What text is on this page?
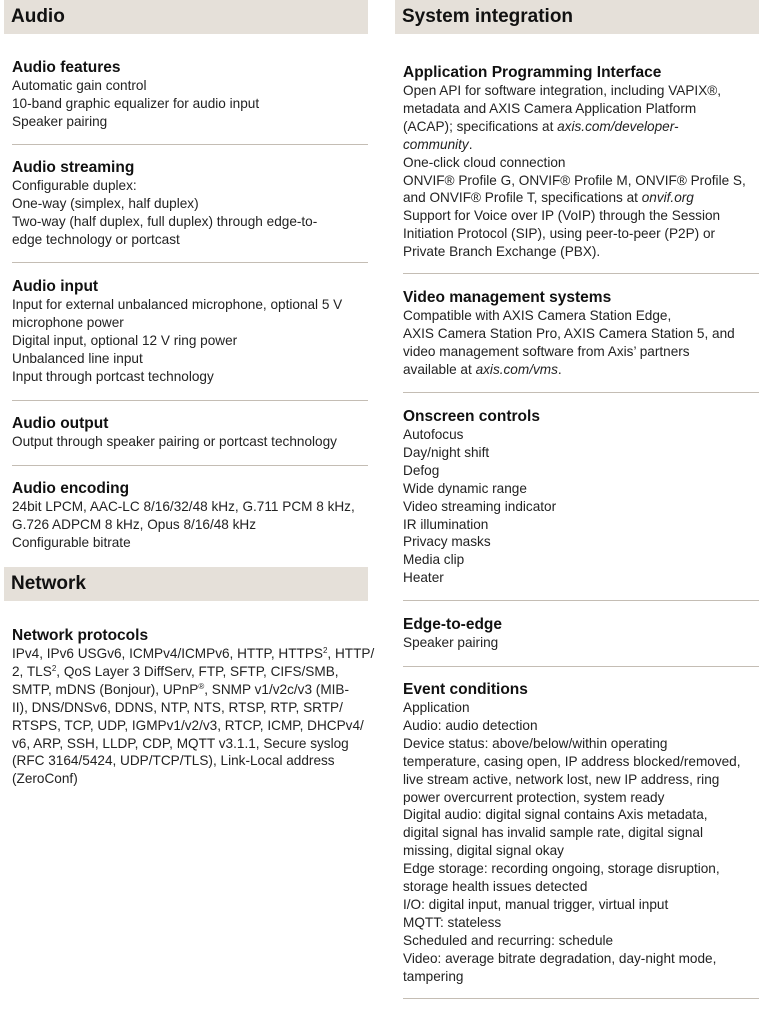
Audio
Audio features
Automatic gain control
10-band graphic equalizer for audio input
Speaker pairing
Audio streaming
Configurable duplex:
One-way (simplex, half duplex)
Two-way (half duplex, full duplex) through edge-to-
edge technology or portcast
Audio input
Input for external unbalanced microphone, optional 5 V
microphone power
Digital input, optional 12 V ring power
Unbalanced line input
Input through portcast technology
Audio output
Output through speaker pairing or portcast technology
Audio encoding
24bit LPCM, AAC-LC 8/16/32/48 kHz, G.711 PCM 8 kHz,
G.726 ADPCM 8 kHz, Opus 8/16/48 kHz
Configurable bitrate
Network
Network protocols
IPv4, IPv6 USGv6, ICMPv4/ICMPv6, HTTP, HTTPS$^2$, HTTP/
2, TLS$^2$, QoS Layer 3 DiffServ, FTP, SFTP, CIFS/SMB,
SMTP, mDNS (Bonjour), UPnP®, SNMP v1/v2c/v3 (MIB-
II), DNS/DNSv6, DDNS, NTP, NTS, RTSP, RTP, SRTP/
RTSPS, TCP, UDP, IGMPv1/v2/v3, RTCP, ICMP, DHCPv4/
v6, ARP, SSH, LLDP, CDP, MQTT v3.1.1, Secure syslog
(RFC 3164/5424, UDP/TCP/TLS), Link-Local address
(ZeroConf)
System integration
Application Programming Interface
Open API for software integration, including VAPIX®,
metadata and AXIS Camera Application Platform
(ACAP); specifications at axis.com/developer-
community.
One-click cloud connection
ONVIF® Profile G, ONVIF® Profile M, ONVIF® Profile S,
and ONVIF® Profile T, specifications at onvif.org
Support for Voice over IP (VoIP) through the Session
Initiation Protocol (SIP), using peer-to-peer (P2P) or
Private Branch Exchange (PBX).
Video management systems
Compatible with AXIS Camera Station Edge,
AXIS Camera Station Pro, AXIS Camera Station 5, and
video management software from Axis’ partners
available at axis.com/vms.
Onscreen controls
Autofocus
Day/night shift
Defog
Wide dynamic range
Video streaming indicator
IR illumination
Privacy masks
Media clip
Heater
Edge-to-edge
Speaker pairing
Event conditions
Application
Audio: audio detection
Device status: above/below/within operating
temperature, casing open, IP address blocked/removed,
live stream active, network lost, new IP address, ring
power overcurrent protection, system ready
Digital audio: digital signal contains Axis metadata,
digital signal has invalid sample rate, digital signal
missing, digital signal okay
Edge storage: recording ongoing, storage disruption,
storage health issues detected
I/O: digital input, manual trigger, virtual input
MQTT: stateless
Scheduled and recurring: schedule
Video: average bitrate degradation, day-night mode,
tampering
